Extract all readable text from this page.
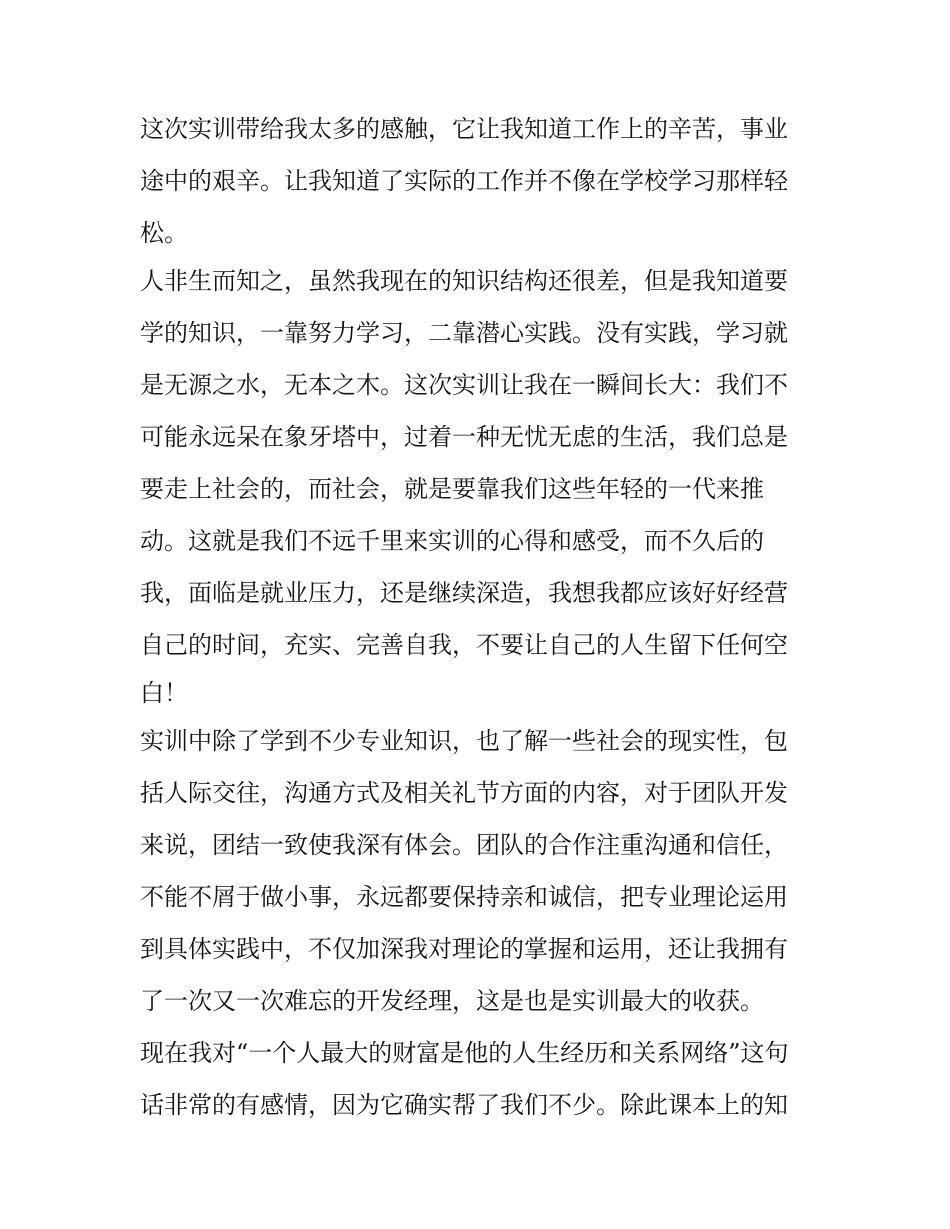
这次实训带给我太多的感触，它让我知道工作上的辛苦，事业
途中的艰辛。让我知道了实际的工作并不像在学校学习那样轻
松。
人非生而知之，虽然我现在的知识结构还很差，但是我知道要
学的知识，一靠努力学习，二靠潜心实践。没有实践，学习就
是无源之水，无本之木。这次实训让我在一瞬间长大：我们不
可能永远呆在象牙塔中，过着一种无忧无虑的生活，我们总是
要走上社会的，而社会，就是要靠我们这些年轻的一代来推
动。这就是我们不远千里来实训的心得和感受，而不久后的
我，面临是就业压力，还是继续深造，我想我都应该好好经营
自己的时间，充实、完善自我，不要让自己的人生留下任何空
白！
实训中除了学到不少专业知识，也了解一些社会的现实性，包
括人际交往，沟通方式及相关礼节方面的内容，对于团队开发
来说，团结一致使我深有体会。团队的合作注重沟通和信任，
不能不屑于做小事，永远都要保持亲和诚信，把专业理论运用
到具体实践中，不仅加深我对理论的掌握和运用，还让我拥有
了一次又一次难忘的开发经理，这是也是实训最大的收获。
现在我对“一个人最大的财富是他的人生经历和关系网络”这句
话非常的有感情，因为它确实帮了我们不少。除此课本上的知
